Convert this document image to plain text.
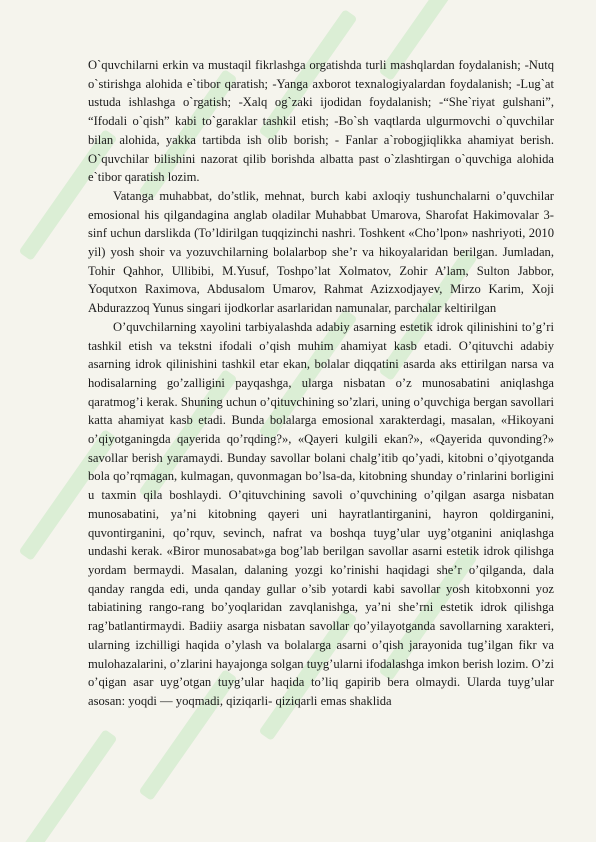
O`quvchilarni erkin va mustaqil fikrlashga orgatishda turli mashqlardan foydalanish; -Nutq o`stirishga alohida e`tibor qaratish; -Yanga axborot texnalogiyalardan foydalanish; -Lug`at ustuda ishlashga o`rgatish; -Xalq og`zaki ijodidan foydalanish; -“She`riyat gulshani”, “Ifodali o`qish” kabi to`garaklar tashkil etish; -Bo`sh vaqtlarda ulgurmovchi o`quvchilar bilan alohida, yakka tartibda ish olib borish; - Fanlar a`robogjiqlikka ahamiyat berish. O`quvchilar bilishini nazorat qilib borishda albatta past o`zlashtirgan o`quvchiga alohida e`tibor qaratish lozim.

Vatanga muhabbat, do’stlik, mehnat, burch kabi axloqiy tushunchalarni o’quvchilar emosional his qilgandagina anglab oladilar Muhabbat Umarova, Sharofat Hakimovalar 3-sinf uchun darslikda (To’ldirilgan tuqqizinchi nashri. Toshkent «Cho’lpon» nashriyoti, 2010 yil) yosh shoir va yozuvchilarning bolalarbop she’r va hikoyalaridan berilgan. Jumladan, Tohir Qahhor, Ullibibi, M.Yusuf, Toshpo’lat Xolmatov, Zohir A’lam, Sulton Jabbor, Yoqutxon Raximova, Abdusalom Umarov, Rahmat Azizxodjayev, Mirzo Karim, Xoji Abdurazzoq Yunus singari ijodkorlar asarlaridan namunalar, parchalar keltirilgan

O’quvchilarning xayolini tarbiyalashda adabiy asarning estetik idrok qilinishini to’g’ri tashkil etish va tekstni ifodali o’qish muhim ahamiyat kasb etadi. O’qituvchi adabiy asarning idrok qilinishini tashkil etar ekan, bolalar diqqatini asarda aks ettirilgan narsa va hodisalarning go’zalligini payqashga, ularga nisbatan o’z munosabatini aniqlashga qaratmog’i kerak. Shuning uchun o’qituvchining so’zlari, uning o’quvchiga bergan savollari katta ahamiyat kasb etadi. Bunda bolalarga emosional xarakterdagi, masalan, «Hikoyani o’qiyotganingda qayerida qo’rqding?», «Qayeri kulgili ekan?», «Qayerida quvonding?» savollar berish yaramaydi. Bunday savollar bolani chalg’itib qo’yadi, kitobni o’qiyotganda bola qo’rqmagan, kulmagan, quvonmagan bo’lsa-da, kitobning shunday o’rinlarini borligini u taxmin qila boshlaydi. O’qituvchining savoli o’quvchining o’qilgan asarga nisbatan munosabatini, ya’ni kitobning qayeri uni hayratlantirganini, hayron qoldirganini, quvontirganini, qo’rquv, sevinch, nafrat va boshqa tuyg’ular uyg’otganini aniqlashga undashi kerak. «Biror munosabat»ga bog’lab berilgan savollar asarni estetik idrok qilishga yordam bermaydi. Masalan, dalaning yozgi ko’rinishi haqidagi she’r o’qilganda, dala qanday rangda edi, unda qanday gullar o’sib yotardi kabi savollar yosh kitobxonni yoz tabiatining rango-rang bo’yoqlaridan zavqlanishga, ya’ni she’rni estetik idrok qilishga rag’batlantirmaydi. Badiiy asarga nisbatan savollar qo’yilayotganda savollarning xarakteri, ularning izchilligi haqida o’ylash va bolalarga asarni o’qish jarayonida tug’ilgan fikr va mulohazalarini, o’zlarini hayajonga solgan tuyg’ularni ifodalashga imkon berish lozim. O’zi o’qigan asar uyg’otgan tuyg’ular haqida to’liq gapirib bera olmaydi. Ularda tuyg’ular asosan: yoqdi — yoqmadi, qiziqarli- qiziqarli emas shaklida
